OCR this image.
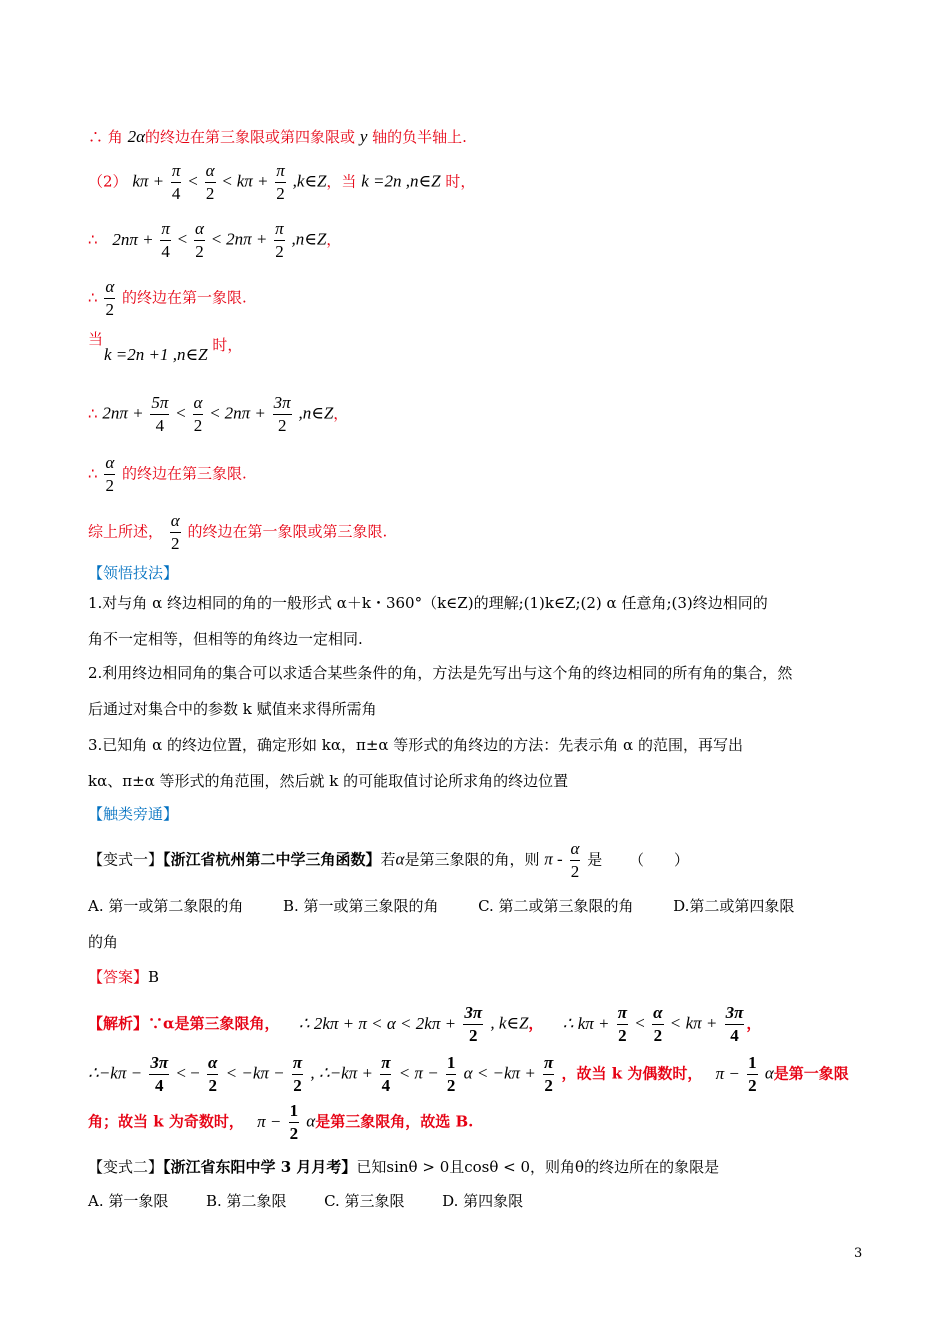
∴ 角 2α的终边在第三象限或第四象限或 y 轴的负半轴上.
（2） $k\pi + \frac{\pi}{4} < \frac{\alpha}{2} < k\pi + \frac{\pi}{2}$ ,k∈Z，当 k =2n ,n∈Z 时，
∴ $2n\pi + \frac{\pi}{4} < \frac{\alpha}{2} < 2n\pi + \frac{\pi}{2}$ ,n∈Z，
∴ $\frac{\alpha}{2}$ 的终边在第一象限.
当
k =2n +1 ,n∈Z 时，
∴ $2n\pi + \frac{5\pi}{4} < \frac{\alpha}{2} < 2n\pi + \frac{3\pi}{2}$ ,n∈Z，
∴ $\frac{\alpha}{2}$ 的终边在第三象限.
综上所述， $\frac{\alpha}{2}$ 的终边在第一象限或第三象限.
【领悟技法】
1.对与角 α 终边相同的角的一般形式 α＋k・360°（k∈Z)的理解;(1)k∈Z;(2) α 任意角;(3)终边相同的
角不一定相等，但相等的角终边一定相同.
2.利用终边相同角的集合可以求适合某些条件的角，方法是先写出与这个角的终边相同的所有角的集合，然
后通过对集合中的参数 k 赋值来求得所需角
3.已知角 α 的终边位置，确定形如 kα，π±α 等形式的角终边的方法：先表示角 α 的范围，再写出
kα、π±α 等形式的角范围，然后就 k 的可能取值讨论所求角的终边位置
【触类旁通】
【变式一】【浙江省杭州第二中学三角函数】若α是第三象限的角，则 π - $\frac{\alpha}{2}$ 是 （　　）
A. 第一或第二象限的角	B. 第一或第三象限的角	C. 第二或第三象限的角	D.第二或第四象限
的角
【答案】B
【解析】∵α是第三象限角， ∴ $2k\pi + \pi < \alpha < 2k\pi + \frac{3\pi}{2}$ , k∈Z， ∴ $k\pi + \frac{\pi}{2} < \frac{\alpha}{2} < k\pi + \frac{3\pi}{4}$ ，
∴−kπ − $\frac{3\pi}{4}$ < − $\frac{\alpha}{2} < -k\pi - \frac{\pi}{2}$ , ∴−kπ + $\frac{\pi}{4} < \pi - \frac{1}{2}$ $\alpha < -k\pi + \frac{\pi}{2}$ ，故当 k 为偶数时， $\pi - \frac{1}{2}$ α是第一象限
角；故当 k 为奇数时， $\pi - \frac{1}{2}$ α是第三象限角，故选 B.
【变式二】【浙江省东阳中学 3 月月考】已知sinθ > 0且cosθ < 0，则角θ的终边所在的象限是
A. 第一象限	B. 第二象限	C. 第三象限	D. 第四象限
3
